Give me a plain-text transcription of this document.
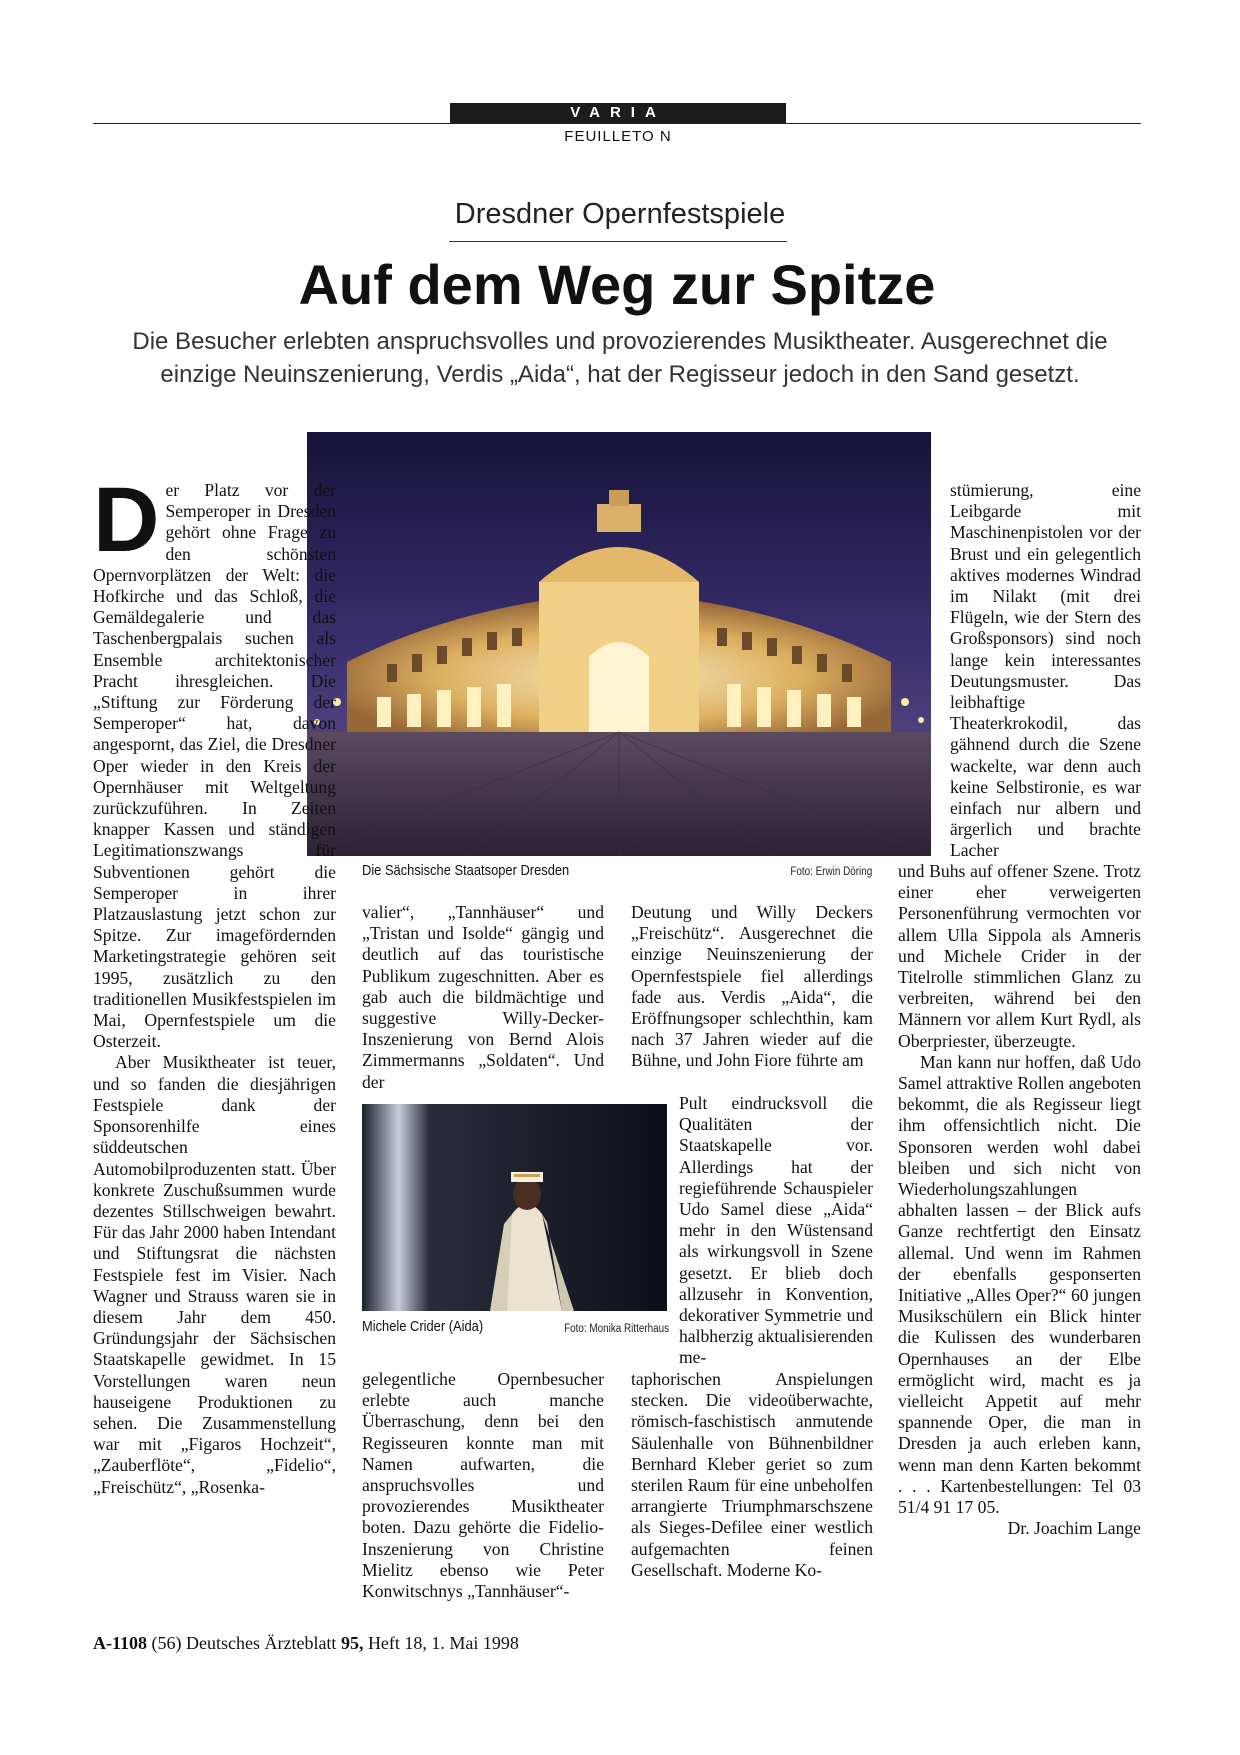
VARIA
FEUILLETO N
Dresdner Opernfestspiele
Auf dem Weg zur Spitze
Die Besucher erlebten anspruchsvolles und provozierendes Musiktheater. Ausgerechnet die
einzige Neuinszenierung, Verdis „Aida“, hat der Regisseur jedoch in den Sand gesetzt.
Die Sächsische Staatsoper Dresden	Foto: Erwin Döring
Michele Crider (Aida)	Foto: Monika Ritterhaus
D er Platz vor der Semperoper in Dresden gehört ohne Frage zu den schönsten Opernvorplätzen der Welt: die Hofkirche und das Schloß, die Gemäldegalerie und das Taschenbergpalais suchen als Ensemble architektonischer Pracht ihresgleichen. Die „Stiftung zur Förderung der Semperoper“ hat, davon angespornt, das Ziel, die Dresdner Oper wieder in den Kreis der Opernhäuser mit Weltgeltung zurückzuführen. In Zeiten knapper Kassen und ständigen Legitimationszwangs für Subventionen gehört die Semperoper in ihrer Platzauslastung jetzt schon zur Spitze. Zur imagefördernden Marketingstrategie gehören seit 1995, zusätzlich zu den traditionellen Musikfestspielen im Mai, Opernfestspiele um die Osterzeit.

Aber Musiktheater ist teuer, und so fanden die diesjährigen Festspiele dank der Sponsorenhilfe eines süddeutschen Automobilproduzenten statt. Über konkrete Zuschußsummen wurde dezentes Stillschweigen bewahrt. Für das Jahr 2000 haben Intendant und Stiftungsrat die nächsten Festspiele fest im Visier. Nach Wagner und Strauss waren sie in diesem Jahr dem 450. Gründungsjahr der Sächsischen Staatskapelle gewidmet. In 15 Vorstellungen waren neun hauseigene Produktionen zu sehen. Die Zusammenstellung war mit „Figaros Hochzeit“, „Zauberflöte“, „Fidelio“, „Freischütz“, „Rosenka-

valier“, „Tannhäuser“ und „Tristan und Isolde“ gängig und deutlich auf das touristische Publikum zugeschnitten. Aber es gab auch die bildmächtige und suggestive Willy-Decker-Inszenierung von Bernd Alois Zimmermanns „Soldaten“. Und der

gelegentliche Opernbesucher erlebte auch manche Überraschung, denn bei den Regisseuren konnte man mit Namen aufwarten, die anspruchsvolles und provozierendes Musiktheater boten. Dazu gehörte die Fidelio-Inszenierung von Christine Mielitz ebenso wie Peter Konwitschnys „Tannhäuser“-

Deutung und Willy Deckers „Freischütz“. Ausgerechnet die einzige Neuinszenierung der Opernfestspiele fiel allerdings fade aus. Verdis „Aida“, die Eröffnungsoper schlechthin, kam nach 37 Jahren wieder auf die Bühne, und John Fiore führte am

Pult eindrucksvoll die Qualitäten der Staatskapelle vor. Allerdings hat der regieführende Schauspieler Udo Samel diese „Aida“ mehr in den Wüstensand als wirkungsvoll in Szene gesetzt. Er blieb doch allzusehr in Konvention, dekorativer Symmetrie und halbherzig aktualisierenden me-

taphorischen Anspielungen stecken. Die videoüberwachte, römisch-faschistisch anmutende Säulenhalle von Bühnenbildner Bernhard Kleber geriet so zum sterilen Raum für eine unbeholfen arrangierte Triumphmarschszene als Sieges-Defilee einer westlich aufgemachten feinen Gesellschaft. Moderne Ko-

stümierung, eine Leibgarde mit Maschinenpistolen vor der Brust und ein gelegentlich aktives modernes Windrad im Nilakt (mit drei Flügeln, wie der Stern des Großsponsors) sind noch lange kein interessantes Deutungsmuster. Das leibhaftige Theaterkrokodil, das gähnend durch die Szene wackelte, war denn auch keine Selbstironie, es war einfach nur albern und ärgerlich und brachte Lacher

und Buhs auf offener Szene. Trotz einer eher verweigerten Personenführung vermochten vor allem Ulla Sippola als Amneris und Michele Crider in der Titelrolle stimmlichen Glanz zu verbreiten, während bei den Männern vor allem Kurt Rydl, als Oberpriester, überzeugte.

Man kann nur hoffen, daß Udo Samel attraktive Rollen angeboten bekommt, die als Regisseur liegt ihm offensichtlich nicht. Die Sponsoren werden wohl dabei bleiben und sich nicht von Wiederholungszahlungen abhalten lassen – der Blick aufs Ganze rechtfertigt den Einsatz allemal. Und wenn im Rahmen der ebenfalls gesponserten Initiative „Alles Oper?“ 60 jungen Musikschülern ein Blick hinter die Kulissen des wunderbaren Opernhauses an der Elbe ermöglicht wird, macht es ja vielleicht Appetit auf mehr spannende Oper, die man in Dresden ja auch erleben kann, wenn man denn Karten bekommt . . . Kartenbestellungen: Tel 03 51/4 91 17 05.

Dr. Joachim Lange

A-1108 (56) Deutsches Ärzteblatt 95, Heft 18, 1. Mai 1998
